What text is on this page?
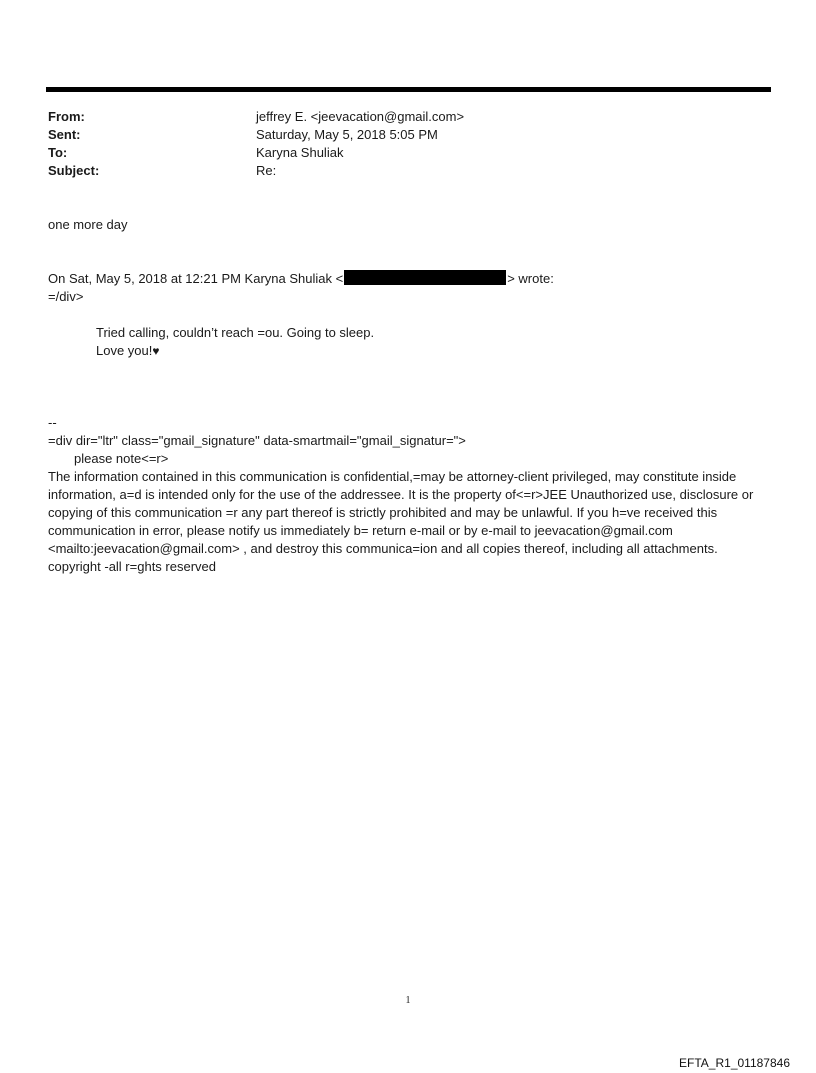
From:	jeffrey E. <jeevacation@gmail.com>
Sent:	Saturday, May 5, 2018 5:05 PM
To:	Karyna Shuliak
Subject:	Re:
one more day
On Sat, May 5, 2018 at 12:21 PM Karyna Shuliak <	> wrote:
=/div>
Tried calling, couldn’t reach =ou. Going to sleep.
Love you!♥
--
=div dir="ltr" class="gmail_signature" data-smartmail="gmail_signatur=">
please note<=r>
The information contained in this communication is confidential,=may be attorney-client privileged, may constitute inside information, a=d is intended only for the use of the addressee. It is the property of<=r>JEE Unauthorized use, disclosure or copying of this communication =r any part thereof is strictly prohibited and may be unlawful. If you h=ve received this communication in error, please notify us immediately b= return e-mail or by e-mail to jeevacation@gmail.com <mailto:jeevacation@gmail.com> , and destroy this communica=ion and all copies thereof, including all attachments. copyright -all r=ghts reserved
1
EFTA_R1_01187846
